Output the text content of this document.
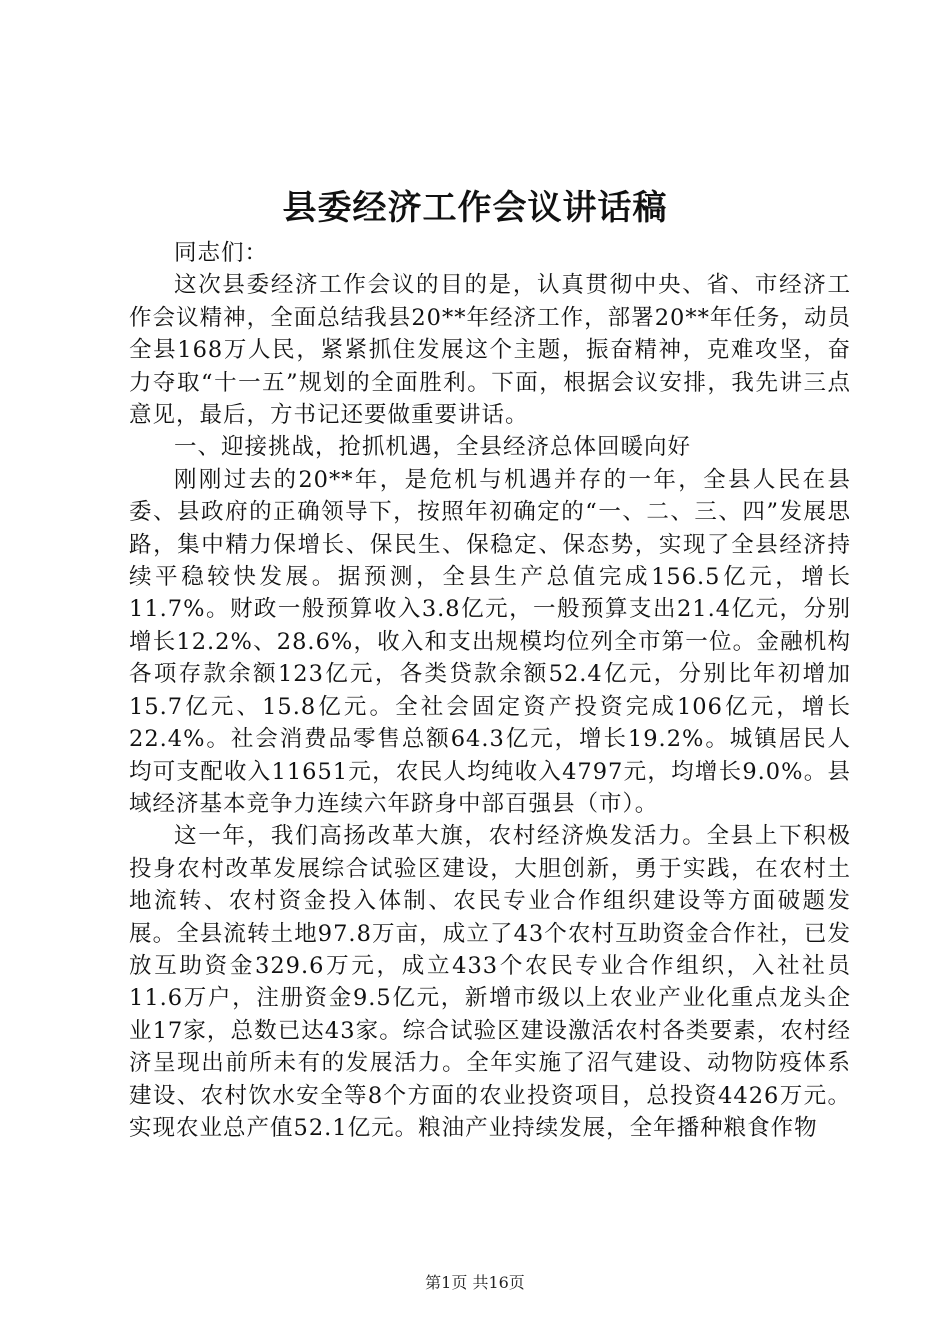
县委经济工作会议讲话稿

同志们：

这次县委经济工作会议的目的是，认真贯彻中央、省、市经济工作会议精神，全面总结我县20**年经济工作，部署20**年任务，动员全县168万人民，紧紧抓住发展这个主题，振奋精神，克难攻坚，奋力夺取“十一五”规划的全面胜利。下面，根据会议安排，我先讲三点意见，最后，方书记还要做重要讲话。

一、迎接挑战，抢抓机遇，全县经济总体回暖向好

刚刚过去的20**年，是危机与机遇并存的一年，全县人民在县委、县政府的正确领导下，按照年初确定的“一、二、三、四”发展思路，集中精力保增长、保民生、保稳定、保态势，实现了全县经济持续平稳较快发展。据预测，全县生产总值完成156.5亿元，增长11.7%。财政一般预算收入3.8亿元，一般预算支出21.4亿元，分别增长12.2%、28.6%，收入和支出规模均位列全市第一位。金融机构各项存款余额123亿元，各类贷款余额52.4亿元，分别比年初增加15.7亿元、15.8亿元。全社会固定资产投资完成106亿元，增长22.4%。社会消费品零售总额64.3亿元，增长19.2%。城镇居民人均可支配收入11651元，农民人均纯收入4797元，均增长9.0%。县域经济基本竞争力连续六年跻身中部百强县（市）。

这一年，我们高扬改革大旗，农村经济焕发活力。全县上下积极投身农村改革发展综合试验区建设，大胆创新，勇于实践，在农村土地流转、农村资金投入体制、农民专业合作组织建设等方面破题发展。全县流转土地97.8万亩，成立了43个农村互助资金合作社，已发放互助资金329.6万元，成立433个农民专业合作组织，入社社员11.6万户，注册资金9.5亿元，新增市级以上农业产业化重点龙头企业17家，总数已达43家。综合试验区建设激活农村各类要素，农村经济呈现出前所未有的发展活力。全年实施了沼气建设、动物防疫体系建设、农村饮水安全等8个方面的农业投资项目，总投资4426万元。实现农业总产值52.1亿元。粮油产业持续发展，全年播种粮食作物

第1页 共16页
